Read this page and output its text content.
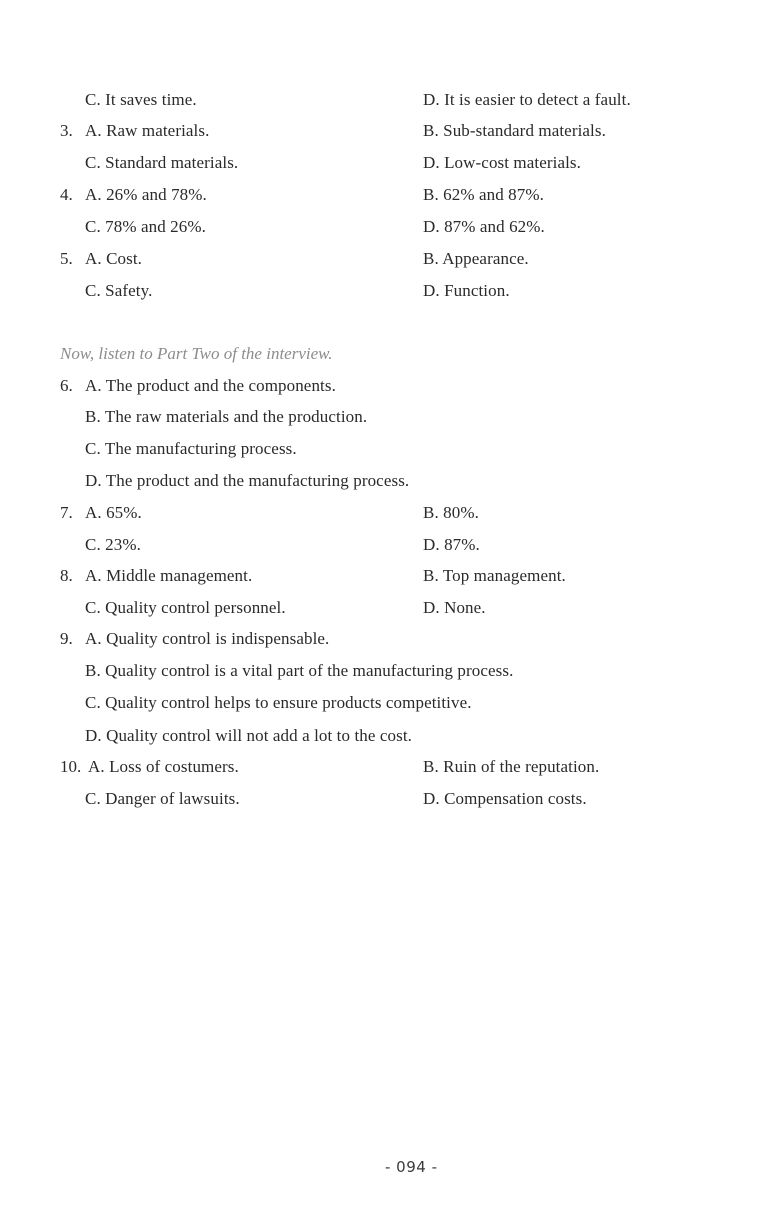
C. It saves time.	D. It is easier to detect a fault.
3. A. Raw materials.	B. Sub-standard materials.
C. Standard materials.	D. Low-cost materials.
4. A. 26% and 78%.	B. 62% and 87%.
C. 78% and 26%.	D. 87% and 62%.
5. A. Cost.	B. Appearance.
C. Safety.	D. Function.
Now, listen to Part Two of the interview.
6. A. The product and the components.
B. The raw materials and the production.
C. The manufacturing process.
D. The product and the manufacturing process.
7. A. 65%.	B. 80%.
C. 23%.	D. 87%.
8. A. Middle management.	B. Top management.
C. Quality control personnel.	D. None.
9. A. Quality control is indispensable.
B. Quality control is a vital part of the manufacturing process.
C. Quality control helps to ensure products competitive.
D. Quality control will not add a lot to the cost.
10. A. Loss of costumers.	B. Ruin of the reputation.
C. Danger of lawsuits.	D. Compensation costs.
- 094 -
